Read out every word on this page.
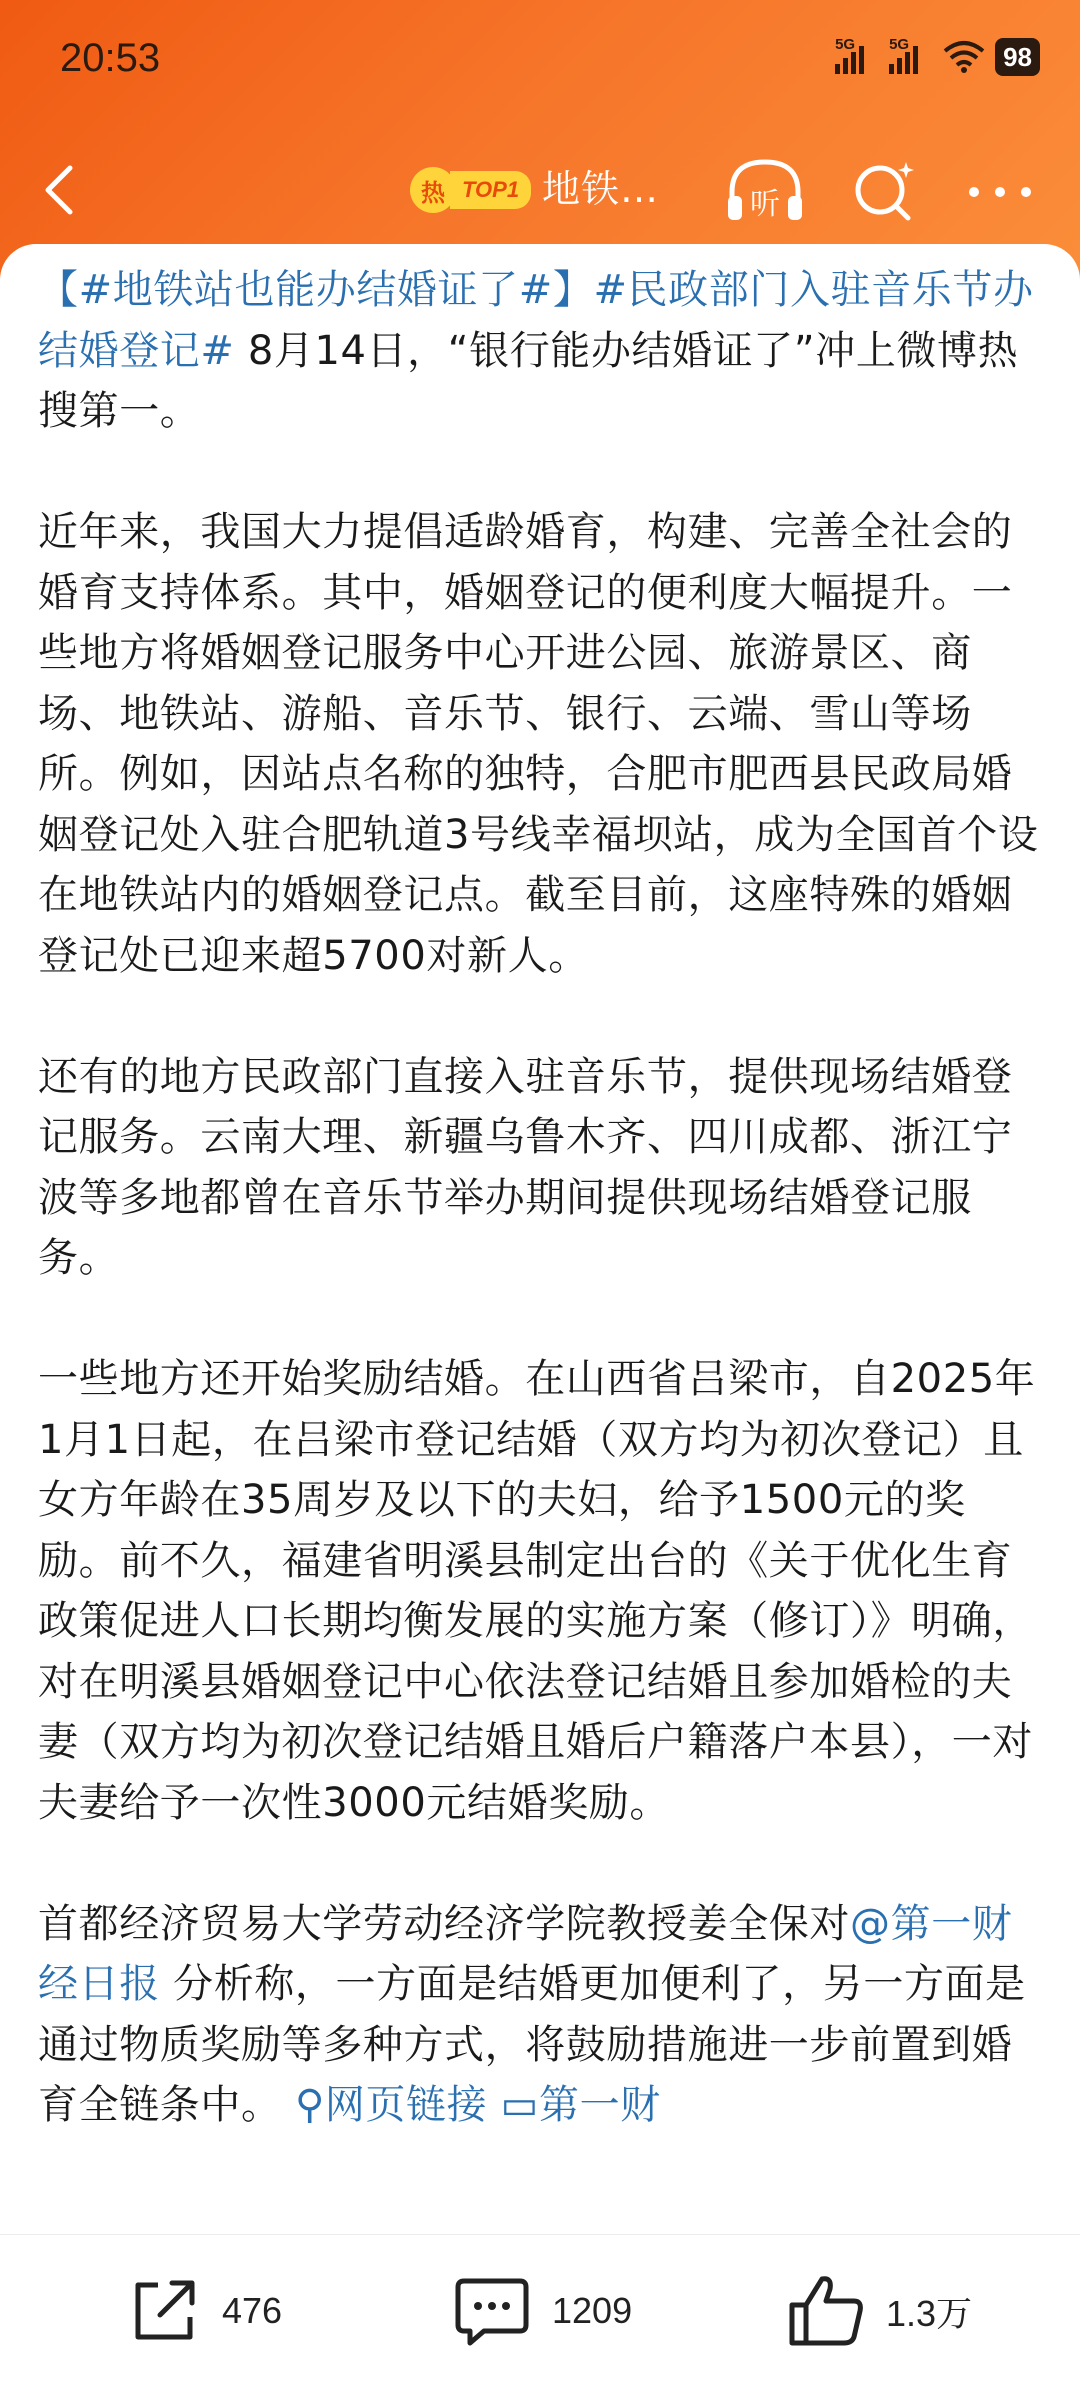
20:53	5G 5G	98
热 TOP1 地铁…	听

【#地铁站也能办结婚证了#】#民政部门入驻音乐节办结婚登记# 8月14日，“银行能办结婚证了”冲上微博热搜第一。

近年来，我国大力提倡适龄婚育，构建、完善全社会的婚育支持体系。其中，婚姻登记的便利度大幅提升。一些地方将婚姻登记服务中心开进公园、旅游景区、商场、地铁站、游船、音乐节、银行、云端、雪山等场所。例如，因站点名称的独特，合肥市肥西县民政局婚姻登记处入驻合肥轨道3号线幸福坝站，成为全国首个设在地铁站内的婚姻登记点。截至目前，这座特殊的婚姻登记处已迎来超5700对新人。

还有的地方民政部门直接入驻音乐节，提供现场结婚登记服务。云南大理、新疆乌鲁木齐、四川成都、浙江宁波等多地都曾在音乐节举办期间提供现场结婚登记服务。

一些地方还开始奖励结婚。在山西省吕梁市，自2025年1月1日起，在吕梁市登记结婚（双方均为初次登记）且女方年龄在35周岁及以下的夫妇，给予1500元的奖励。前不久，福建省明溪县制定出台的《关于优化生育政策促进人口长期均衡发展的实施方案（修订）》明确，对在明溪县婚姻登记中心依法登记结婚且参加婚检的夫妻（双方均为初次登记结婚且婚后户籍落户本县），一对夫妻给予一次性3000元结婚奖励。

首都经济贸易大学劳动经济学院教授姜全保对@第一财经日报 分析称，一方面是结婚更加便利了，另一方面是通过物质奖励等多种方式，将鼓励措施进一步前置到婚育全链条中。 ⚲网页链接 ▭第一财

476	1209	1.3万
